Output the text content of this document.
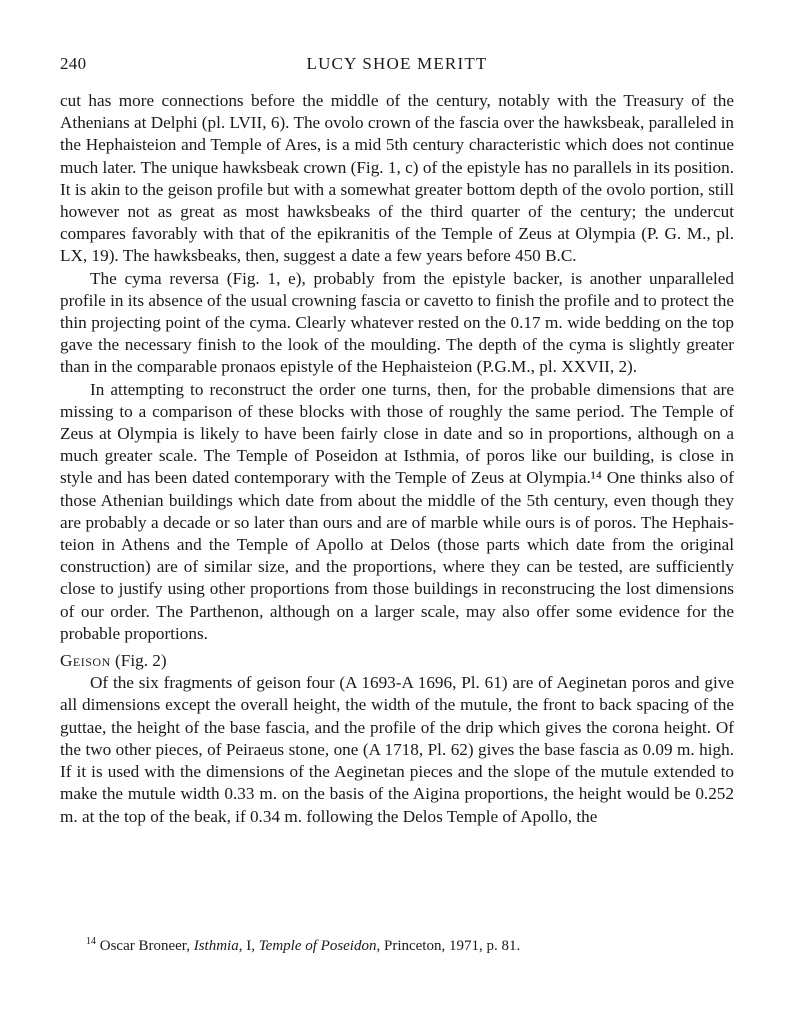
240	LUCY SHOE MERITT

cut has more connections before the middle of the century, notably with the Treasury of the Athenians at Delphi (pl. LVII, 6). The ovolo crown of the fascia over the hawksbeak, paralleled in the Hephaisteion and Temple of Ares, is a mid 5th century characteristic which does not continue much later. The unique hawksbeak crown (Fig. 1, c) of the epistyle has no parallels in its position. It is akin to the geison profile but with a somewhat greater bottom depth of the ovolo portion, still however not as great as most hawksbeaks of the third quarter of the century; the undercut compares favorably with that of the epikranitis of the Temple of Zeus at Olympia (P. G. M., pl. LX, 19). The hawksbeaks, then, suggest a date a few years before 450 B.C.

The cyma reversa (Fig. 1, e), probably from the epistyle backer, is another unparalleled profile in its absence of the usual crowning fascia or cavetto to finish the profile and to protect the thin projecting point of the cyma. Clearly whatever rested on the 0.17 m. wide bedding on the top gave the necessary finish to the look of the moulding. The depth of the cyma is slightly greater than in the comparable pronaos epistyle of the Hephaisteion (P.G.M., pl. XXVII, 2).

In attempting to reconstruct the order one turns, then, for the probable dimensions that are missing to a comparison of these blocks with those of roughly the same period. The Temple of Zeus at Olympia is likely to have been fairly close in date and so in proportions, although on a much greater scale. The Temple of Poseidon at Isthmia, of poros like our building, is close in style and has been dated contemporary with the Temple of Zeus at Olympia.¹⁴ One thinks also of those Athenian buildings which date from about the middle of the 5th century, even though they are probably a decade or so later than ours and are of marble while ours is of poros. The Hephaisteion in Athens and the Temple of Apollo at Delos (those parts which date from the original construction) are of similar size, and the proportions, where they can be tested, are sufficiently close to justify using other proportions from those buildings in reconstrucing the lost dimensions of our order. The Parthenon, although on a larger scale, may also offer some evidence for the probable proportions.

Geison (Fig. 2)

Of the six fragments of geison four (A 1693-A 1696, Pl. 61) are of Aeginetan poros and give all dimensions except the overall height, the width of the mutule, the front to back spacing of the guttae, the height of the base fascia, and the profile of the drip which gives the corona height. Of the two other pieces, of Peiraeus stone, one (A 1718, Pl. 62) gives the base fascia as 0.09 m. high. If it is used with the dimensions of the Aeginetan pieces and the slope of the mutule extended to make the mutule width 0.33 m. on the basis of the Aigina proportions, the height would be 0.252 m. at the top of the beak, if 0.34 m. following the Delos Temple of Apollo, the

$^{14}$ Oscar Broneer, Isthmia, I, Temple of Poseidon, Princeton, 1971, p. 81.
